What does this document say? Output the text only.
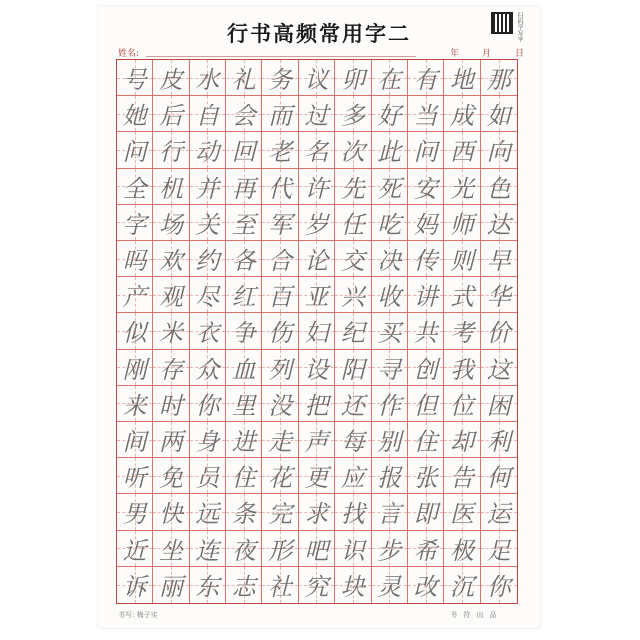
行书高频常用字二	扫码学写字
姓名:	年	月	日
号 皮 水 礼 务 议 卯 在 有 地 那
她 后 自 会 而 过 多 好 当 成 如
问 行 动 回 老 名 次 此 问 西 向
全 机 并 再 代 许 先 死 安 光 色
字 场 关 至 军 岁 任 吃 妈 师 达
吗 欢 约 各 合 论 交 决 传 则 早
产 观 尽 红 百 亚 兴 收 讲 式 华
似 米 衣 争 伤 妇 纪 买 共 考 价
刚 存 众 血 列 设 阳 寻 创 我 这
来 时 你 里 没 把 还 作 但 位 困
间 两 身 进 走 声 每 别 住 却 利
听 免 员 住 花 更 应 报 张 告 何
男 快 远 条 完 求 找 言 即 医 运
近 坐 连 夜 形 吧 识 步 希 极 足
诉 丽 东 志 社 究 块 灵 改 沉 你
书写: 梅子实	书 符 出 品
